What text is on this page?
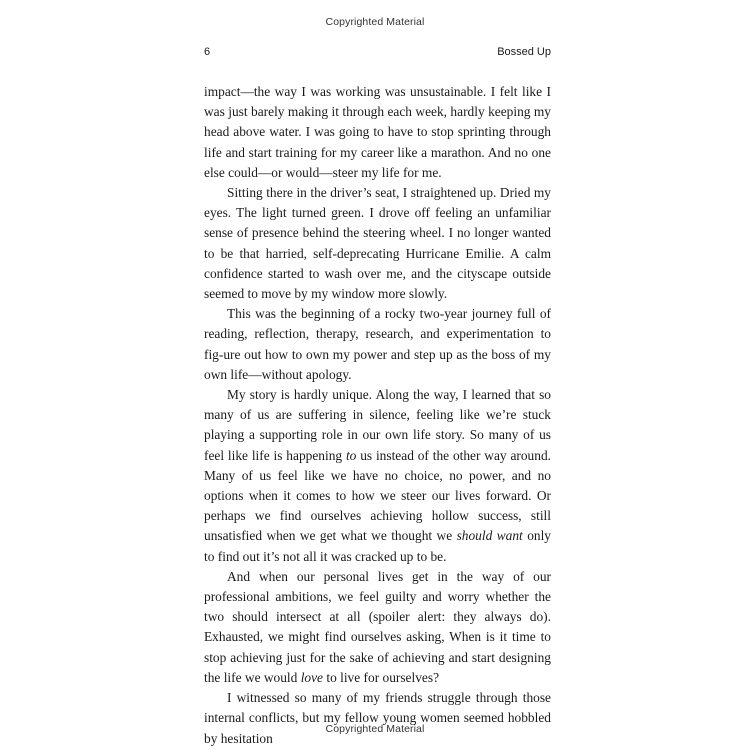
Copyrighted Material
6	Bossed Up

impact—the way I was working was unsustainable. I felt like I was just barely making it through each week, hardly keeping my head above water. I was going to have to stop sprinting through life and start training for my career like a marathon. And no one else could—or would—steer my life for me.

Sitting there in the driver’s seat, I straightened up. Dried my eyes. The light turned green. I drove off feeling an unfamiliar sense of presence behind the steering wheel. I no longer wanted to be that harried, self-deprecating Hurricane Emilie. A calm confidence started to wash over me, and the cityscape outside seemed to move by my window more slowly.

This was the beginning of a rocky two-year journey full of reading, reflection, therapy, research, and experimentation to fig-ure out how to own my power and step up as the boss of my own life—without apology.

My story is hardly unique. Along the way, I learned that so many of us are suffering in silence, feeling like we’re stuck playing a supporting role in our own life story. So many of us feel like life is happening to us instead of the other way around. Many of us feel like we have no choice, no power, and no options when it comes to how we steer our lives forward. Or perhaps we find ourselves achieving hollow success, still unsatisfied when we get what we thought we should want only to find out it’s not all it was cracked up to be.

And when our personal lives get in the way of our professional ambitions, we feel guilty and worry whether the two should intersect at all (spoiler alert: they always do). Exhausted, we might find ourselves asking, When is it time to stop achieving just for the sake of achieving and start designing the life we would love to live for ourselves?

I witnessed so many of my friends struggle through those internal conflicts, but my fellow young women seemed hobbled by hesitation

Copyrighted Material
